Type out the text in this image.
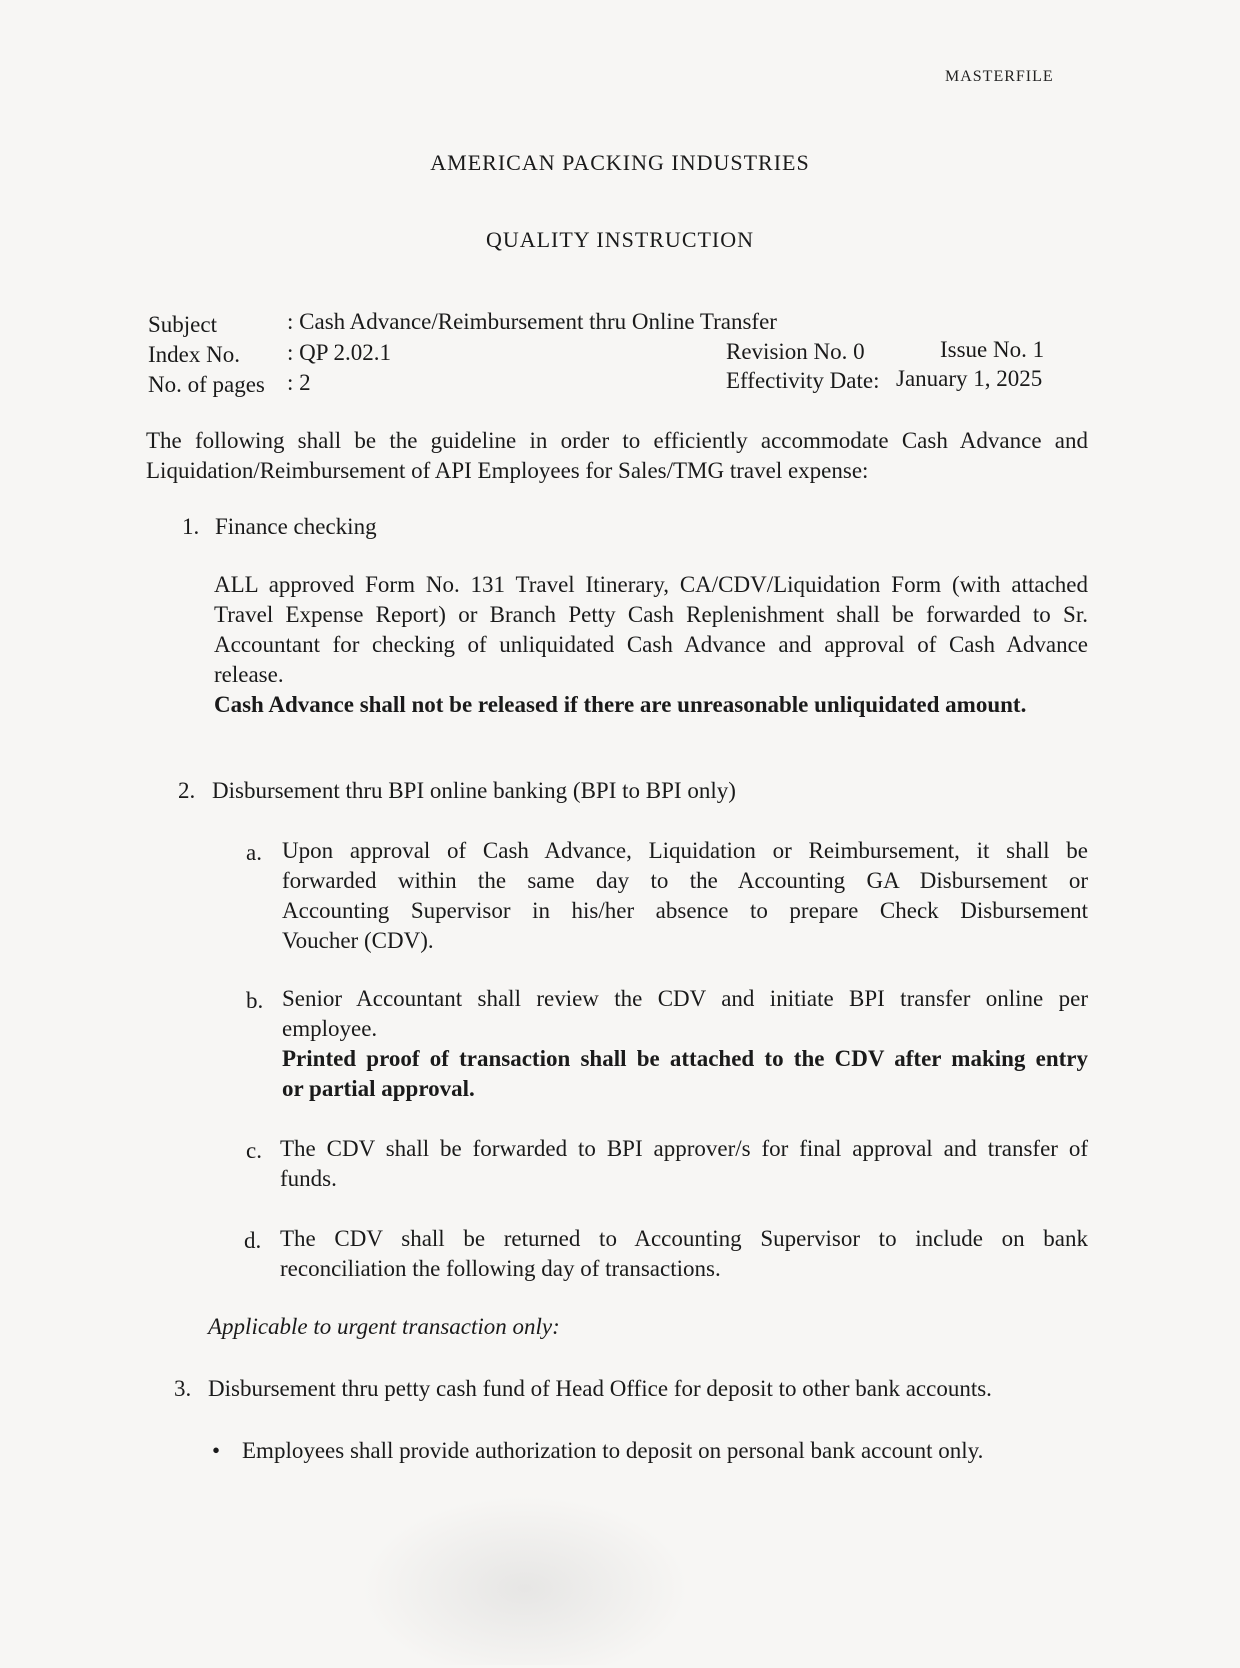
MASTERFILE
AMERICAN PACKING INDUSTRIES
QUALITY INSTRUCTION
Subject	: Cash Advance/Reimbursement thru Online Transfer
Index No. : QP 2.02.1
No. of pages : 2
Revision No. 0	Issue No. 1
Effectivity Date: January 1, 2025
The following shall be the guideline in order to efficiently accommodate Cash Advance and
Liquidation/Reimbursement of API Employees for Sales/TMG travel expense:
1. Finance checking
ALL approved Form No. 131 Travel Itinerary, CA/CDV/Liquidation Form (with attached
Travel Expense Report) or Branch Petty Cash Replenishment shall be forwarded to Sr.
Accountant for checking of unliquidated Cash Advance and approval of Cash Advance
release.
Cash Advance shall not be released if there are unreasonable unliquidated amount.
2. Disbursement thru BPI online banking (BPI to BPI only)
a. Upon approval of Cash Advance, Liquidation or Reimbursement, it shall be
forwarded within the same day to the Accounting GA Disbursement or
Accounting Supervisor in his/her absence to prepare Check Disbursement
Voucher (CDV).
b. Senior Accountant shall review the CDV and initiate BPI transfer online per
employee.
Printed proof of transaction shall be attached to the CDV after making entry
or partial approval.
c. The CDV shall be forwarded to BPI approver/s for final approval and transfer of
funds.
d. The CDV shall be returned to Accounting Supervisor to include on bank
reconciliation the following day of transactions.
Applicable to urgent transaction only:
3. Disbursement thru petty cash fund of Head Office for deposit to other bank accounts.
• Employees shall provide authorization to deposit on personal bank account only.
